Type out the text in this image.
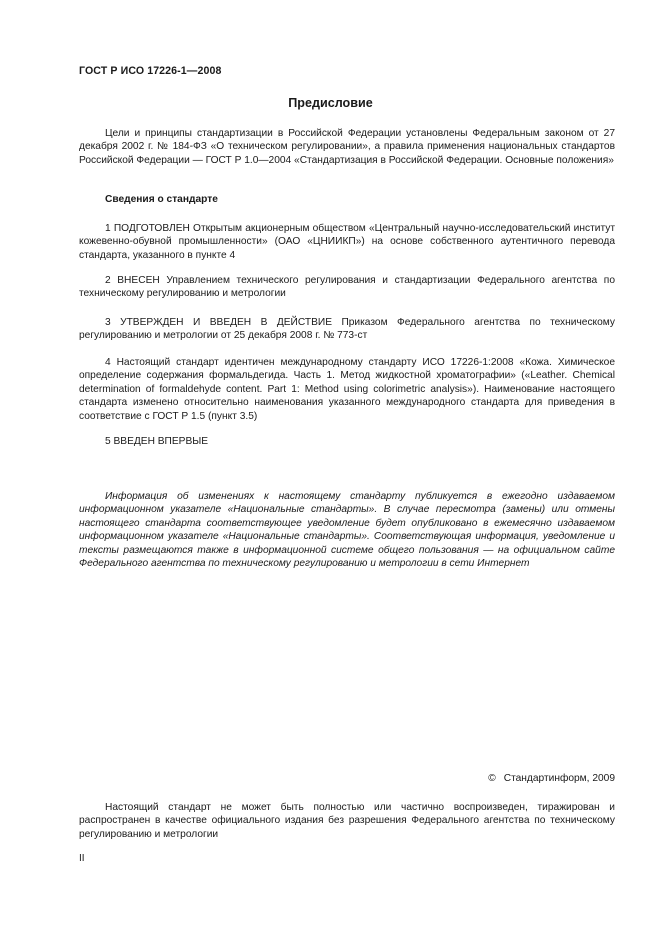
ГОСТ Р ИСО 17226-1—2008
Предисловие

Цели и принципы стандартизации в Российской Федерации установлены Федеральным законом от 27 декабря 2002 г. № 184-ФЗ «О техническом регулировании», а правила применения национальных стандартов Российской Федерации — ГОСТ Р 1.0—2004 «Стандартизация в Российской Федерации. Основные положения»

Сведения о стандарте

1 ПОДГОТОВЛЕН Открытым акционерным обществом «Центральный научно-исследовательский институт кожевенно-обувной промышленности» (ОАО «ЦНИИКП») на основе собственного аутентичного перевода стандарта, указанного в пункте 4

2 ВНЕСЕН Управлением технического регулирования и стандартизации Федерального агентства по техническому регулированию и метрологии

3 УТВЕРЖДЕН И ВВЕДЕН В ДЕЙСТВИЕ Приказом Федерального агентства по техническому регулированию и метрологии от 25 декабря 2008 г. № 773-ст

4 Настоящий стандарт идентичен международному стандарту ИСО 17226-1:2008 «Кожа. Химическое определение содержания формальдегида. Часть 1. Метод жидкостной хроматографии» («Leather. Chemical determination of formaldehyde content. Part 1: Method using colorimetric analysis»). Наименование настоящего стандарта изменено относительно наименования указанного международного стандарта для приведения в соответствие с ГОСТ Р 1.5 (пункт 3.5)

5 ВВЕДЕН ВПЕРВЫЕ

Информация об изменениях к настоящему стандарту публикуется в ежегодно издаваемом информационном указателе «Национальные стандарты». В случае пересмотра (замены) или отмены настоящего стандарта соответствующее уведомление будет опубликовано в ежемесячно издаваемом информационном указателе «Национальные стандарты». Соответствующая информация, уведомление и тексты размещаются также в информационной системе общего пользования — на официальном сайте Федерального агентства по техническому регулированию и метрологии в сети Интернет

© Стандартинформ, 2009

Настоящий стандарт не может быть полностью или частично воспроизведен, тиражирован и распространен в качестве официального издания без разрешения Федерального агентства по техническому регулированию и метрологии

II
